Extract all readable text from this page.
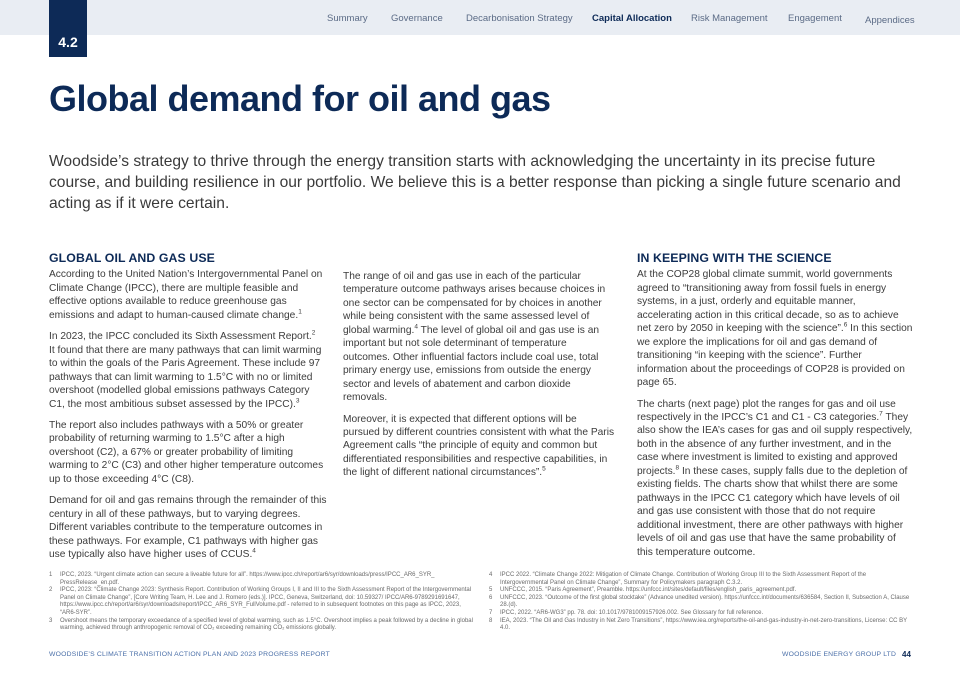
Summary Governance Decarbonisation Strategy Capital Allocation Risk Management Engagement Appendices
4.2
Global demand for oil and gas

Woodside’s strategy to thrive through the energy transition starts with acknowledging the uncertainty in its precise future course, and building resilience in our portfolio. We believe this is a better response than picking a single future scenario and acting as if it were certain.

GLOBAL OIL AND GAS USE

According to the United Nation’s Intergovernmental Panel on Climate Change (IPCC), there are multiple feasible and effective options available to reduce greenhouse gas emissions and adapt to human-caused climate change.$^1$

In 2023, the IPCC concluded its Sixth Assessment Report.$^2$
It found that there are many pathways that can limit warming to within the goals of the Paris Agreement. These include 97 pathways that can limit warming to 1.5°C with no or limited overshoot (modelled global emissions pathways Category C1, the most ambitious subset assessed by the IPCC).$^3$

The report also includes pathways with a 50% or greater probability of returning warming to 1.5°C after a high overshoot (C2), a 67% or greater probability of limiting warming to 2°C (C3) and other higher temperature outcomes up to those exceeding 4°C (C8).

Demand for oil and gas remains through the remainder of this century in all of these pathways, but to varying degrees. Different variables contribute to the temperature outcomes in these pathways. For example, C1 pathways with higher gas use typically also have higher uses of CCUS.$^4$

The range of oil and gas use in each of the particular temperature outcome pathways arises because choices in one sector can be compensated for by choices in another while being consistent with the same assessed level of global warming.$^4$ The level of global oil and gas use is an important but not sole determinant of temperature outcomes. Other influential factors include coal use, total primary energy use, emissions from outside the energy sector and levels of abatement and carbon dioxide removals.

Moreover, it is expected that different options will be pursued by different countries consistent with what the Paris Agreement calls “the principle of equity and common but differentiated responsibilities and respective capabilities, in the light of different national circumstances”.$^5$

IN KEEPING WITH THE SCIENCE

At the COP28 global climate summit, world governments agreed to “transitioning away from fossil fuels in energy systems, in a just, orderly and equitable manner, accelerating action in this critical decade, so as to achieve net zero by 2050 in keeping with the science”.$^6$ In this section we explore the implications for oil and gas demand of transitioning “in keeping with the science”. Further information about the proceedings of COP28 is provided on page 65.

The charts (next page) plot the ranges for gas and oil use respectively in the IPCC’s C1 and C1 - C3 categories.$^7$ They also show the IEA’s cases for gas and oil supply respectively, both in the absence of any further investment, and in the case where investment is limited to existing and approved projects.$^8$ In these cases, supply falls due to the depletion of existing fields. The charts show that whilst there are some pathways in the IPCC C1 category which have levels of oil and gas use consistent with those that do not require additional investment, there are other pathways with higher levels of oil and gas use that have the same probability of this temperature outcome.

1	IPCC, 2023. “Urgent climate action can secure a liveable future for all”. https://www.ipcc.ch/report/ar6/syr/downloads/press/IPCC_AR6_SYR_ PressRelease_en.pdf.
2	IPCC, 2023: “Climate Change 2023: Synthesis Report. Contribution of Working Groups I, II and III to the Sixth Assessment Report of the Intergovernmental Panel on Climate Change”, [Core Writing Team, H. Lee and J. Romero (eds.)]. IPCC, Geneva, Switzerland, doi: 10.59327/ IPCC/AR6-9789291691647, https://www.ipcc.ch/report/ar6/syr/downloads/report/IPCC_AR6_SYR_FullVolume.pdf - referred to in subsequent footnotes on this page as IPCC, 2023, “AR6-SYR”.
3	Overshoot means the temporary exceedance of a specified level of global warming, such as 1.5°C. Overshoot implies a peak followed by a decline in global warming, achieved through anthropogenic removal of CO₂ exceeding remaining CO₂ emissions globally.
4	IPCC 2022. “Climate Change 2022: Mitigation of Climate Change. Contribution of Working Group III to the Sixth Assessment Report of the Intergovernmental Panel on Climate Change”, Summary for Policymakers paragraph C.3.2.
5	UNFCCC, 2015. “Paris Agreement”, Preamble. https://unfccc.int/sites/default/files/english_paris_agreement.pdf.
6	UNFCCC, 2023. “Outcome of the first global stocktake” (Advance unedited version). https://unfccc.int/documents/636584, Section II, Subsection A, Clause 28.(d).
7	IPCC, 2022. “AR6-WG3” pp. 78. doi: 10.1017/9781009157926.002. See Glossary for full reference.
8	IEA, 2023. “The Oil and Gas Industry in Net Zero Transitions”, https://www.iea.org/reports/the-oil-and-gas-industry-in-net-zero-transitions, License: CC BY 4.0.
WOODSIDE’S CLIMATE TRANSITION ACTION PLAN AND 2023 PROGRESS REPORT	WOODSIDE ENERGY GROUP LTD 44
